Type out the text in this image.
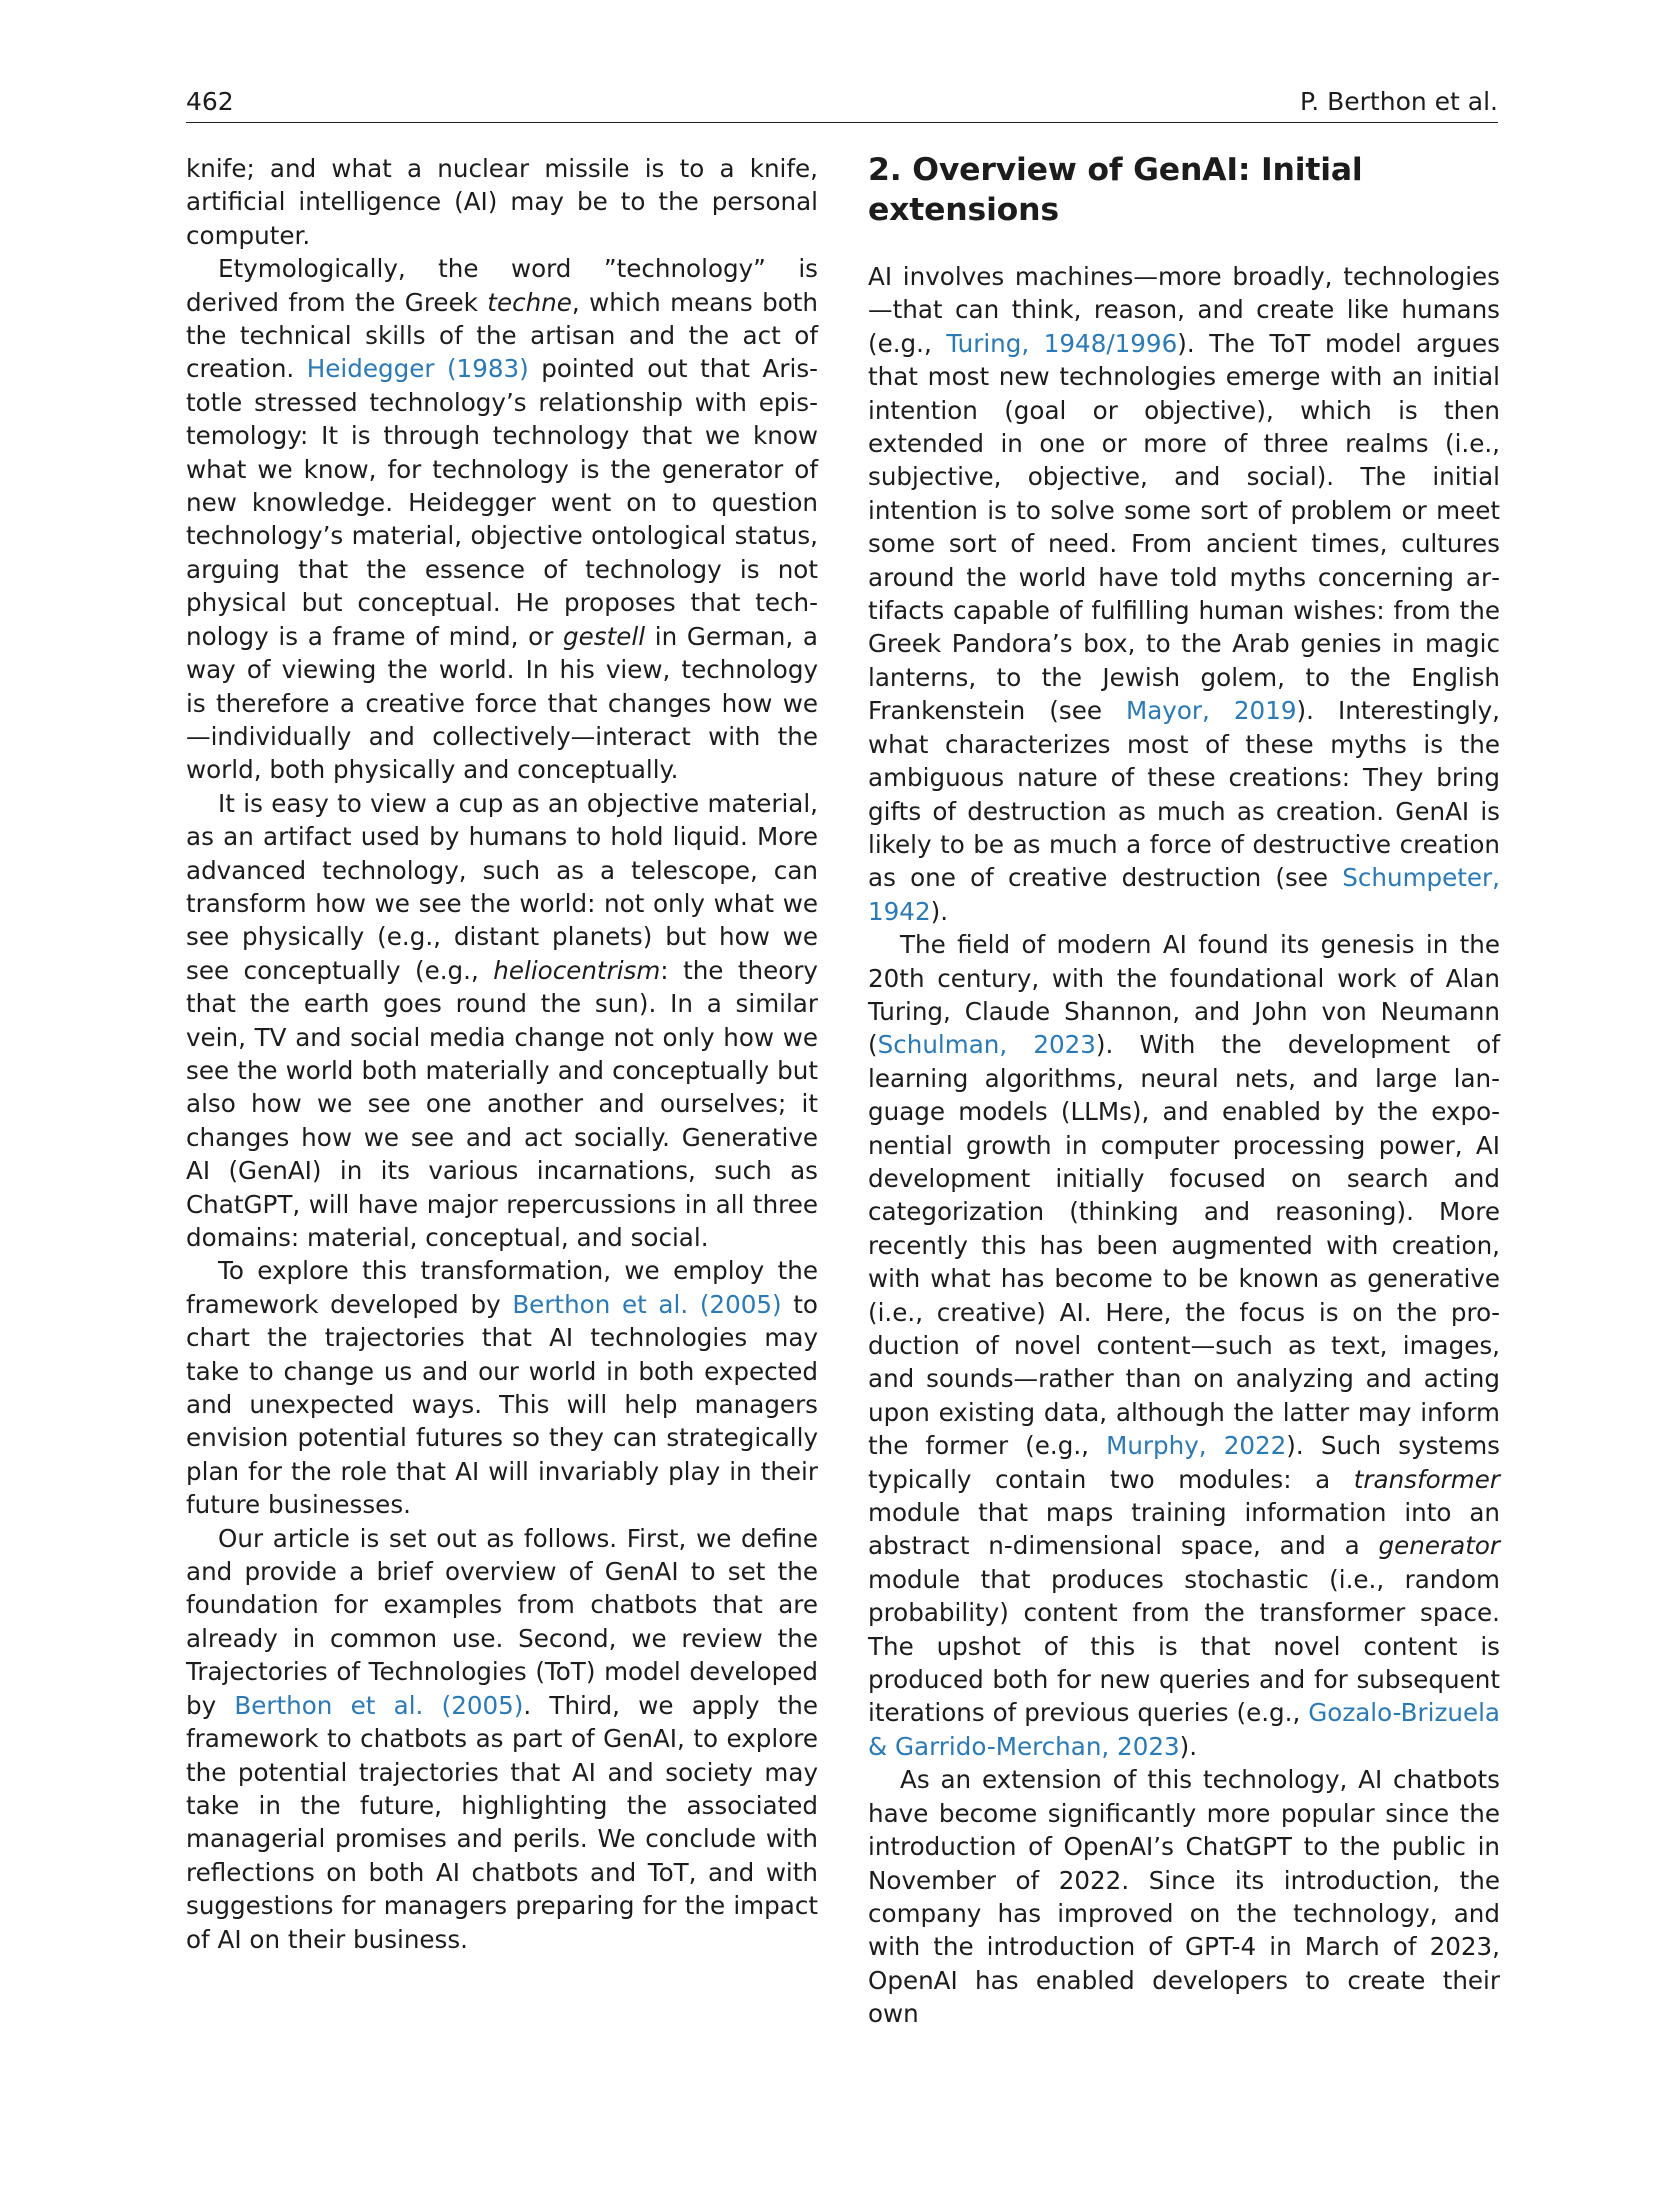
462	P. Berthon et al.

knife; and what a nuclear missile is to a knife, artificial intelligence (AI) may be to the personal computer.

Etymologically, the word ”technology” is derived from the Greek techne, which means both the technical skills of the artisan and the act of creation. Heidegger (1983) pointed out that Aristotle stressed technology’s relationship with epistemology: It is through technology that we know what we know, for technology is the generator of new knowledge. Heidegger went on to question technology’s material, objective ontological status, arguing that the essence of technology is not physical but conceptual. He proposes that technology is a frame of mind, or gestell in German, a way of viewing the world. In his view, technology is therefore a creative force that changes how we—individually and collectively—interact with the world, both physically and conceptually.

It is easy to view a cup as an objective material, as an artifact used by humans to hold liquid. More advanced technology, such as a telescope, can transform how we see the world: not only what we see physically (e.g., distant planets) but how we see conceptually (e.g., heliocentrism: the theory that the earth goes round the sun). In a similar vein, TV and social media change not only how we see the world both materially and conceptually but also how we see one another and ourselves; it changes how we see and act socially. Generative AI (GenAI) in its various incarnations, such as ChatGPT, will have major repercussions in all three domains: material, conceptual, and social.

To explore this transformation, we employ the framework developed by Berthon et al. (2005) to chart the trajectories that AI technologies may take to change us and our world in both expected and unexpected ways. This will help managers envision potential futures so they can strategically plan for the role that AI will invariably play in their future businesses.

Our article is set out as follows. First, we define and provide a brief overview of GenAI to set the foundation for examples from chatbots that are already in common use. Second, we review the Trajectories of Technologies (ToT) model developed by Berthon et al. (2005). Third, we apply the framework to chatbots as part of GenAI, to explore the potential trajectories that AI and society may take in the future, highlighting the associated managerial promises and perils. We conclude with reflections on both AI chatbots and ToT, and with suggestions for managers preparing for the impact of AI on their business.

2. Overview of GenAI: Initial extensions

AI involves machines—more broadly, technologies—that can think, reason, and create like humans (e.g., Turing, 1948/1996). The ToT model argues that most new technologies emerge with an initial intention (goal or objective), which is then extended in one or more of three realms (i.e., subjective, objective, and social). The initial intention is to solve some sort of problem or meet some sort of need. From ancient times, cultures around the world have told myths concerning artifacts capable of fulfilling human wishes: from the Greek Pandora’s box, to the Arab genies in magic lanterns, to the Jewish golem, to the English Frankenstein (see Mayor, 2019). Interestingly, what characterizes most of these myths is the ambiguous nature of these creations: They bring gifts of destruction as much as creation. GenAI is likely to be as much a force of destructive creation as one of creative destruction (see Schumpeter, 1942).

The field of modern AI found its genesis in the 20th century, with the foundational work of Alan Turing, Claude Shannon, and John von Neumann (Schulman, 2023). With the development of learning algorithms, neural nets, and large language models (LLMs), and enabled by the exponential growth in computer processing power, AI development initially focused on search and categorization (thinking and reasoning). More recently this has been augmented with creation, with what has become to be known as generative (i.e., creative) AI. Here, the focus is on the production of novel content—such as text, images, and sounds—rather than on analyzing and acting upon existing data, although the latter may inform the former (e.g., Murphy, 2022). Such systems typically contain two modules: a transformer module that maps training information into an abstract n-dimensional space, and a generator module that produces stochastic (i.e., random probability) content from the transformer space. The upshot of this is that novel content is produced both for new queries and for subsequent iterations of previous queries (e.g., Gozalo-Brizuela & Garrido-Merchan, 2023).

As an extension of this technology, AI chatbots have become significantly more popular since the introduction of OpenAI’s ChatGPT to the public in November of 2022. Since its introduction, the company has improved on the technology, and with the introduction of GPT-4 in March of 2023, OpenAI has enabled developers to create their own
